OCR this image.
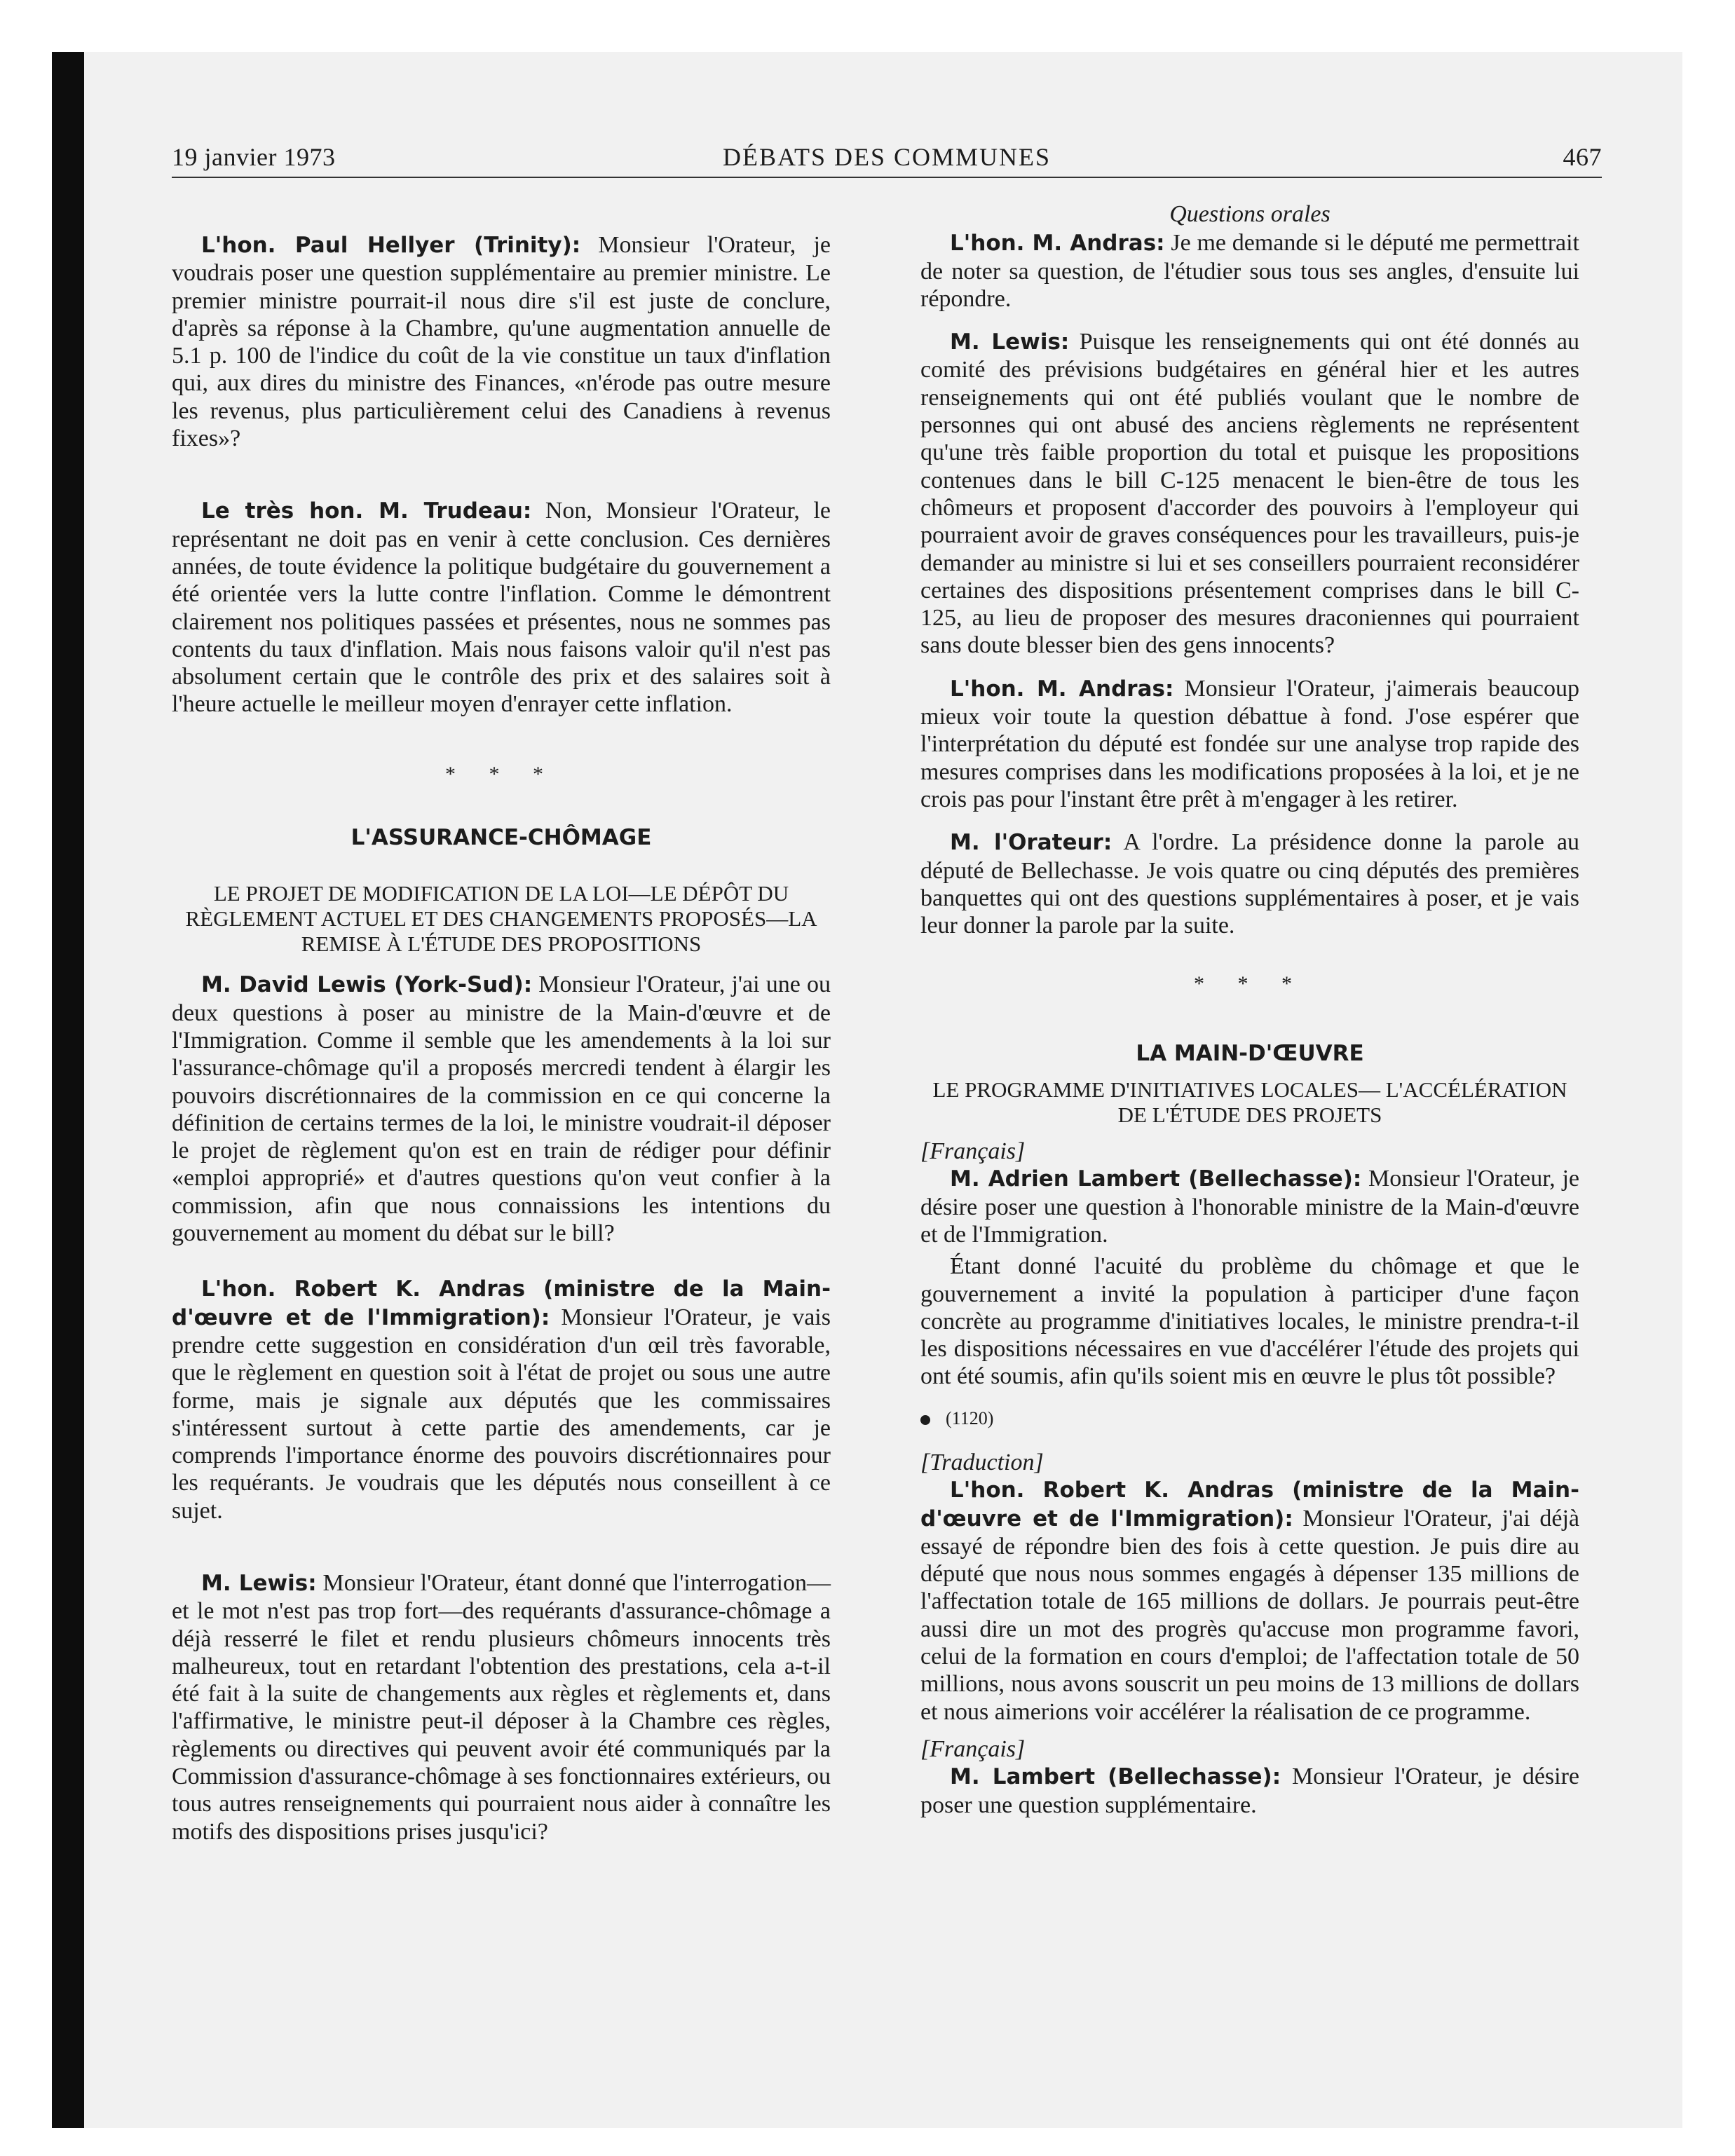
19 janvier 1973	DÉBATS DES COMMUNES	467

L'hon. Paul Hellyer (Trinity): Monsieur l'Orateur, je voudrais poser une question supplémentaire au premier ministre. Le premier ministre pourrait-il nous dire s'il est juste de conclure, d'après sa réponse à la Chambre, qu'une augmentation annuelle de 5.1 p. 100 de l'indice du coût de la vie constitue un taux d'inflation qui, aux dires du ministre des Finances, «n'érode pas outre mesure les revenus, plus particulièrement celui des Canadiens à revenus fixes»?

Le très hon. M. Trudeau: Non, Monsieur l'Orateur, le représentant ne doit pas en venir à cette conclusion. Ces dernières années, de toute évidence la politique budgétaire du gouvernement a été orientée vers la lutte contre l'inflation. Comme le démontrent clairement nos politiques passées et présentes, nous ne sommes pas contents du taux d'inflation. Mais nous faisons valoir qu'il n'est pas absolument certain que le contrôle des prix et des salaires soit à l'heure actuelle le meilleur moyen d'enrayer cette inflation.

* * *

L'ASSURANCE-CHÔMAGE

LE PROJET DE MODIFICATION DE LA LOI—LE DÉPÔT DU RÈGLEMENT ACTUEL ET DES CHANGEMENTS PROPOSÉS—LA REMISE À L'ÉTUDE DES PROPOSITIONS

M. David Lewis (York-Sud): Monsieur l'Orateur, j'ai une ou deux questions à poser au ministre de la Main-d'œuvre et de l'Immigration. Comme il semble que les amendements à la loi sur l'assurance-chômage qu'il a proposés mercredi tendent à élargir les pouvoirs discrétionnaires de la commission en ce qui concerne la définition de certains termes de la loi, le ministre voudrait-il déposer le projet de règlement qu'on est en train de rédiger pour définir «emploi approprié» et d'autres questions qu'on veut confier à la commission, afin que nous connaissions les intentions du gouvernement au moment du débat sur le bill?

L'hon. Robert K. Andras (ministre de la Main-d'œuvre et de l'Immigration): Monsieur l'Orateur, je vais prendre cette suggestion en considération d'un œil très favorable, que le règlement en question soit à l'état de projet ou sous une autre forme, mais je signale aux députés que les commissaires s'intéressent surtout à cette partie des amendements, car je comprends l'importance énorme des pouvoirs discrétionnaires pour les requérants. Je voudrais que les députés nous conseillent à ce sujet.

M. Lewis: Monsieur l'Orateur, étant donné que l'interrogation—et le mot n'est pas trop fort—des requérants d'assurance-chômage a déjà resserré le filet et rendu plusieurs chômeurs innocents très malheureux, tout en retardant l'obtention des prestations, cela a-t-il été fait à la suite de changements aux règles et règlements et, dans l'affirmative, le ministre peut-il déposer à la Chambre ces règles, règlements ou directives qui peuvent avoir été communiqués par la Commission d'assurance-chômage à ses fonctionnaires extérieurs, ou tous autres renseignements qui pourraient nous aider à connaître les motifs des dispositions prises jusqu'ici?

Questions orales

L'hon. M. Andras: Je me demande si le député me permettrait de noter sa question, de l'étudier sous tous ses angles, d'ensuite lui répondre.

M. Lewis: Puisque les renseignements qui ont été donnés au comité des prévisions budgétaires en général hier et les autres renseignements qui ont été publiés voulant que le nombre de personnes qui ont abusé des anciens règlements ne représentent qu'une très faible proportion du total et puisque les propositions contenues dans le bill C-125 menacent le bien-être de tous les chômeurs et proposent d'accorder des pouvoirs à l'employeur qui pourraient avoir de graves conséquences pour les travailleurs, puis-je demander au ministre si lui et ses conseillers pourraient reconsidérer certaines des dispositions présentement comprises dans le bill C-125, au lieu de proposer des mesures draconiennes qui pourraient sans doute blesser bien des gens innocents?

L'hon. M. Andras: Monsieur l'Orateur, j'aimerais beaucoup mieux voir toute la question débattue à fond. J'ose espérer que l'interprétation du député est fondée sur une analyse trop rapide des mesures comprises dans les modifications proposées à la loi, et je ne crois pas pour l'instant être prêt à m'engager à les retirer.

M. l'Orateur: A l'ordre. La présidence donne la parole au député de Bellechasse. Je vois quatre ou cinq députés des premières banquettes qui ont des questions supplémentaires à poser, et je vais leur donner la parole par la suite.

* * *

LA MAIN-D'ŒUVRE

LE PROGRAMME D'INITIATIVES LOCALES— L'ACCÉLÉRATION DE L'ÉTUDE DES PROJETS

[Français]

M. Adrien Lambert (Bellechasse): Monsieur l'Orateur, je désire poser une question à l'honorable ministre de la Main-d'œuvre et de l'Immigration.

Étant donné l'acuité du problème du chômage et que le gouvernement a invité la population à participer d'une façon concrète au programme d'initiatives locales, le ministre prendra-t-il les dispositions nécessaires en vue d'accélérer l'étude des projets qui ont été soumis, afin qu'ils soient mis en œuvre le plus tôt possible?

(1120)

[Traduction]

L'hon. Robert K. Andras (ministre de la Main-d'œuvre et de l'Immigration): Monsieur l'Orateur, j'ai déjà essayé de répondre bien des fois à cette question. Je puis dire au député que nous nous sommes engagés à dépenser 135 millions de l'affectation totale de 165 millions de dollars. Je pourrais peut-être aussi dire un mot des progrès qu'accuse mon programme favori, celui de la formation en cours d'emploi; de l'affectation totale de 50 millions, nous avons souscrit un peu moins de 13 millions de dollars et nous aimerions voir accélérer la réalisation de ce programme.

[Français]

M. Lambert (Bellechasse): Monsieur l'Orateur, je désire poser une question supplémentaire.
